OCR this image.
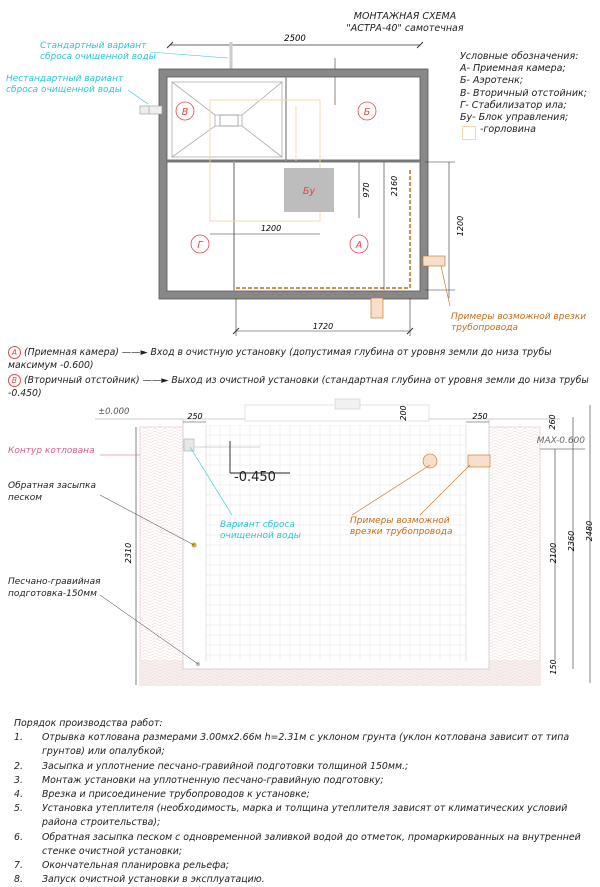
МОНТАЖНАЯ СХЕМА
"АСТРА-40" самотечная
Условные обозначения:
А- Приемная камера;
Б- Аэротенк;
В- Вторичный отстойник;
Г- Стабилизатор ила;
Бу- Блок управления;
-горловина
2500
Бу
В	Б
Г	А
970 2160
1200	1200
1720
Стандартный вариант сброса очищенной воды
Нестандартный вариант сброса очищенной воды
Примеры возможной врезки трубопровода
А (Приемная камера) ——► Вход в очистную установку (допустимая глубина от уровня земли до низа трубы максимум -0.600)
В (Вторичный отстойник) ——► Выход из очистной установки (стандартная глубина от уровня земли до низа трубы -0.450)
±0.000
-0.450
250	250
200
260
2310
MAX-0.600
2100
2360 2480
150
Контур котлована
Обратная засыпка песком
Песчано-гравийная подготовка-150мм
Вариант сброса очищенной воды
Примеры возможной врезки трубопровода
Порядок производства работ:
1.	Отрывка котлована размерами 3.00мх2.66м h=2.31м с уклоном грунта (уклон котлована зависит от типа грунтов) или опалубкой;
2.	Засыпка и уплотнение песчано-гравийной подготовки толщиной 150мм.;
3.	Монтаж установки на уплотненную песчано-гравийную подготовку;
4.	Врезка и присоединение трубопроводов к установке;
5.	Установка утеплителя (необходимость, марка и толщина утеплителя зависят от климатических условий района строительства);
6.	Обратная засыпка песком с одновременной заливкой водой до отметок, промаркированных на внутренней стенке очистной установки;
7.	Окончательная планировка рельефа;
8.	Запуск очистной установки в эксплуатацию.
